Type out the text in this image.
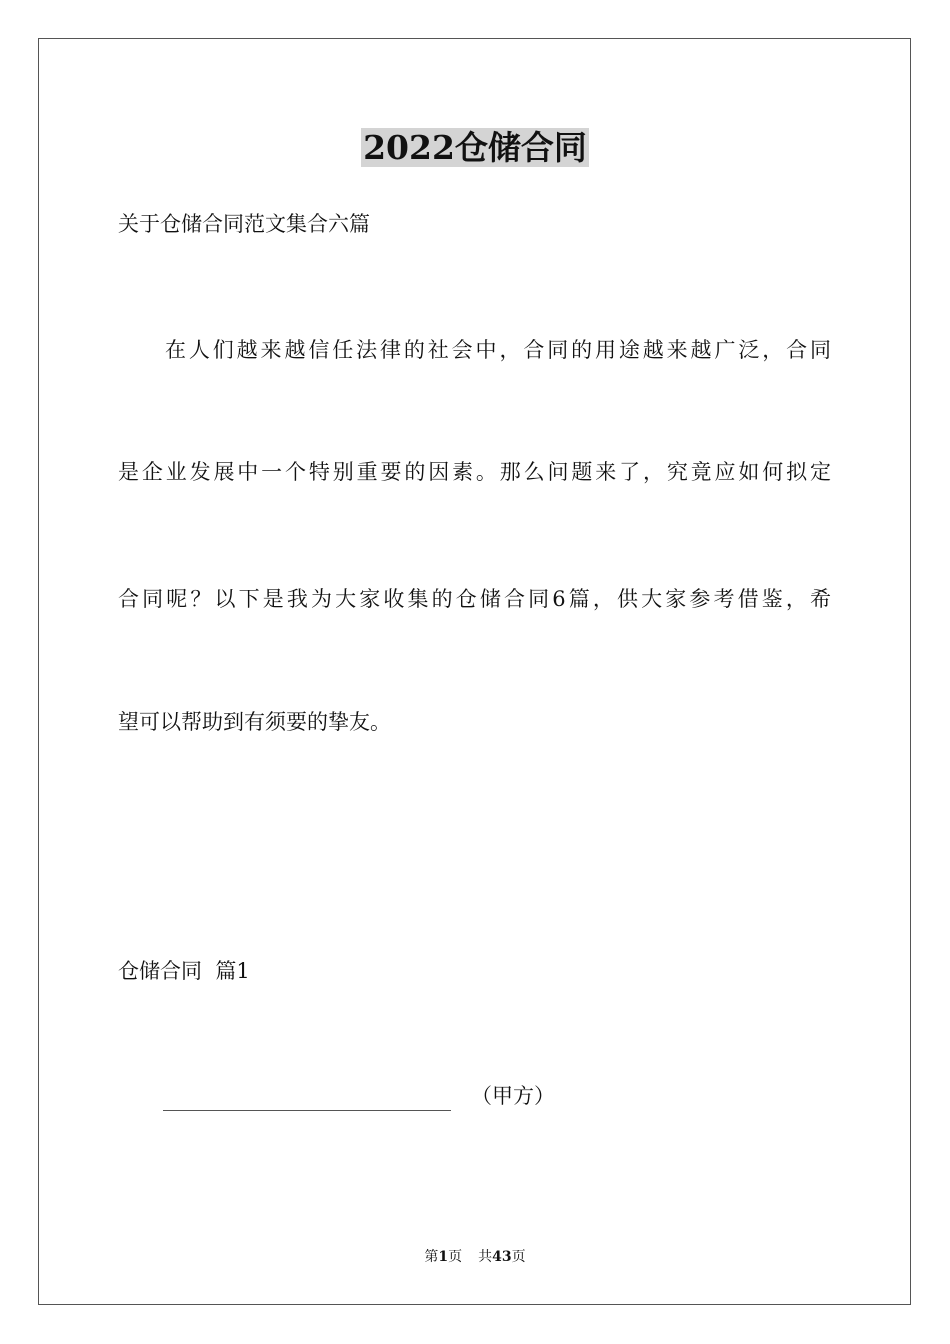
2022仓储合同
关于仓储合同范文集合六篇
在人们越来越信任法律的社会中，合同的用途越来越广泛，合同
是企业发展中一个特别重要的因素。那么问题来了，究竟应如何拟定
合同呢？以下是我为大家收集的仓储合同6篇，供大家参考借鉴，希
望可以帮助到有须要的挚友。
仓储合同  篇1
（甲方）
第1页 共43页
